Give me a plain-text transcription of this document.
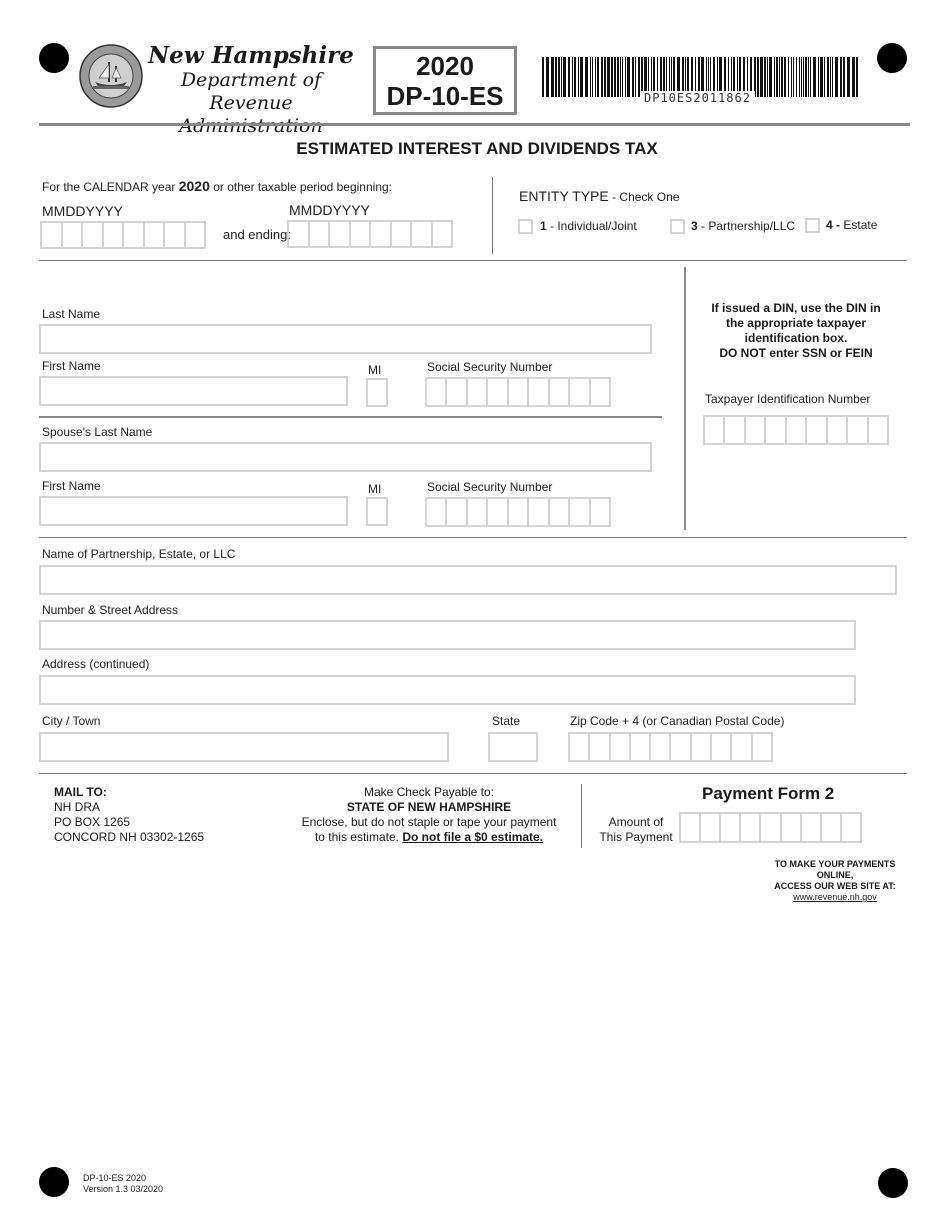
New Hampshire
Department of
Revenue Administration
2020
DP-10-ES	DP10ES2011862
ESTIMATED INTEREST AND DIVIDENDS TAX
For the CALENDAR year 2020 or other taxable period beginning:
MMDDYYYY
and ending:
MMDDYYYY
ENTITY TYPE - Check One
1 - Individual/Joint	3 - Partnership/LLC	4 - Estate
Last Name
First Name	MI	Social Security Number
Spouse's Last Name
First Name	MI	Social Security Number
If issued a DIN, use the DIN in
the appropriate taxpayer
identification box.
DO NOT enter SSN or FEIN
Taxpayer Identification Number
Name of Partnership, Estate, or LLC
Number & Street Address
Address (continued)
City / Town	State	Zip Code + 4 (or Canadian Postal Code)
MAIL TO:
NH DRA
PO BOX 1265
CONCORD NH 03302-1265
Make Check Payable to:
STATE OF NEW HAMPSHIRE
Enclose, but do not staple or tape your payment
to this estimate. Do not file a $0 estimate.
Payment Form 2
Amount of
This Payment
TO MAKE YOUR PAYMENTS ONLINE,
ACCESS OUR WEB SITE AT:
www.revenue.nh.gov
DP-10-ES 2020
Version 1.3 03/2020
